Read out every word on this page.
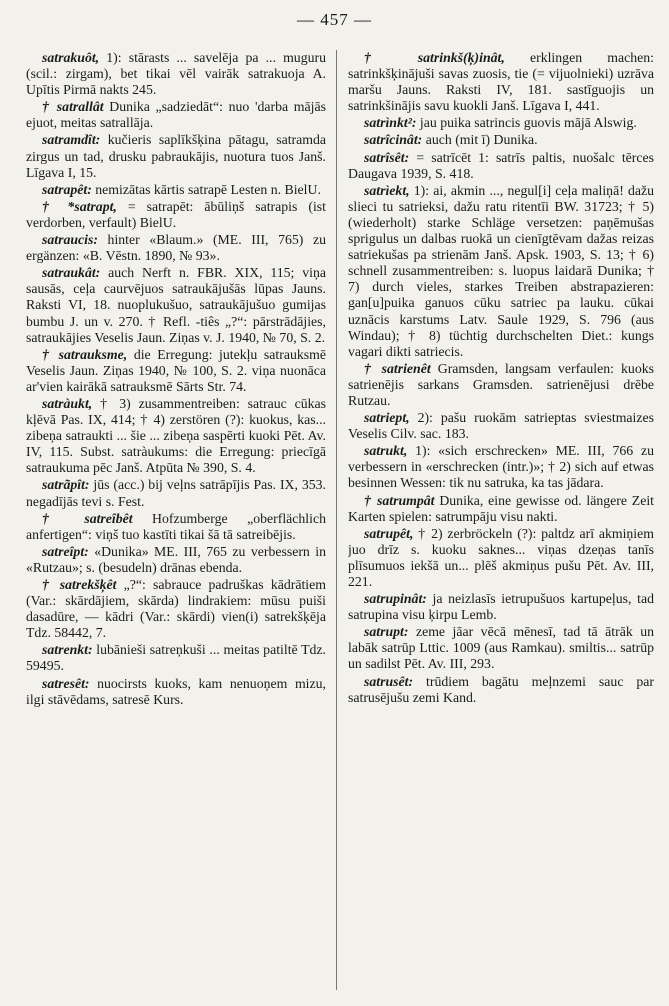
— 457 —

satrakuôt, 1): stārasts ... savelēja pa ... muguru (scil.: zirgam), bet tikai vēl vairāk satrakuoja A. Upītis Pirmā nakts 245.

† satrallât Dunika „sadziedāt“: nuo 'darba mājās ejuot, meitas satrallāja.

satramdît: kučieris saplīkšķina pātagu, satramda zirgus un tad, drusku pabraukājis, nuotura tuos Janš. Līgava I, 15.

satrapêt: nemizātas kārtis satrapē Lesten n. BielU.

† *satrapt, = satrapēt: ābūliņš satrapis (ist verdorben, verfault) BielU.

satraucis: hinter «Blaum.» (ME. III, 765) zu ergänzen: «B. Vēstn. 1890, № 93».

satraukât: auch Nerft n. FBR. XIX, 115; viņa sausās, ceļa caurvējuos satraukājušās lūpas Jauns. Raksti VI, 18. nuoplukušuo, satraukājušuo gumijas bumbu J. un v. 270. † Refl. -tiês „?“: pārstrādājies, satraukājies Veselis Jaun. Ziņas v. J. 1940, № 70, S. 2.

† satrauksme, die Erregung: jutekļu satrauksmē Veselis Jaun. Ziņas 1940, № 100, S. 2. viņa nuonāca ar'vien kairākā satrauksmē Sārts Str. 74.

satràukt, † 3) zusammentreiben: satrauc cūkas kļēvā Pas. IX, 414; † 4) zerstören (?): kuokus, kas... zibeņa satraukti ... šie ... zibeņa saspērti kuoki Pēt. Av. IV, 115. Subst. satràukums: die Erregung: priecīgā satraukuma pēc Janš. Atpūta № 390, S. 4.

satrãpît: jūs (acc.) bij veļns satrāpījis Pas. IX, 353. negadījās tevi s. Fest.

† satreîbêt Hofzumberge „oberflächlich anfertigen“: viņš tuo kastīti tikai šā tā satreibējis.

satreîpt: «Dunika» ME. III, 765 zu verbessern in «Rutzau»; s. (besudeln) drānas ebenda.

† satrekšķêt „?“: sabrauce padruškas kādrātiem (Var.: skārdājiem, skārda) lindrakiem: mūsu puiši dasadūre, — kādri (Var.: skārdi) vien(i) satrekšķēja Tdz. 58442, 7.

satrenkt: lubānieši satreņkuši ... meitas patiltē Tdz. 59495.

satresêt: nuocirsts kuoks, kam nenuoņem mizu, ilgi stāvēdams, satresē Kurs.

† satrinkš(ķ)inât, erklingen machen: satrinkšķinājuši savas zuosis, tie (= vijuolnieki) uzrāva maršu Jauns. Raksti IV, 181. sastīguojis un satrinkšinājis savu kuokli Janš. Līgava I, 441.

satrìnkt²: jau puika satrincis guovis mājā Alswig.

satrîcinât: auch (mit ī) Dunika.

satrîsêt: = satrīcēt 1: satrīs paltis, nuošalc tērces Daugava 1939, S. 418.

satrìekt, 1): ai, akmin ..., negul[i] ceļa maliņā! dažu slieci tu satrieksi, dažu ratu ritentīi BW. 31723; † 5) (wiederholt) starke Schläge versetzen: paņēmušas sprigulus un dalbas ruokā un cienīgtēvam dažas reizas satriekušas pa strienām Janš. Apsk. 1903, S. 13; † 6) schnell zusammentreiben: s. luopus laidarā Dunika; † 7) durch vieles, starkes Treiben abstrapazieren: gan[u]puika ganuos cūku satriec pa lauku. cūkai uznācis karstums Latv. Saule 1929, S. 796 (aus Windau); † 8) tüchtig durchschelten Diet.: kungs vagari dikti satriecis.

† satrienêt Gramsden, langsam verfaulen: kuoks satrienējis sarkans Gramsden. satrienējusi drēbe Rutzau.

satriept, 2): pašu ruokām satrieptas sviestmaizes Veselis Cilv. sac. 183.

satrukt, 1): «sich erschrecken» ME. III, 766 zu verbessern in «erschrecken (intr.)»; † 2) sich auf etwas besinnen Wessen: tik nu satruka, ka tas jādara.

† satrumpât Dunika, eine gewisse od. längere Zeit Karten spielen: satrumpāju visu nakti.

satrupêt, † 2) zerbröckeln (?): paltdz arī akmiņiem juo drīz s. kuoku saknes... viņas dzeņas tanīs plīsumuos iekšā un... plēš akmiņus pušu Pēt. Av. III, 221.

satrupinât: ja neizlasīs ietrupušuos kartupeļus, tad satrupina visu ķirpu Lemb.

satrupt: zeme jāar vēcā mēnesī, tad tā ātrāk un labāk satrūp Lttic. 1009 (aus Ramkau). smiltis... satrūp un sadilst Pēt. Av. III, 293.

satrusêt: trūdiem bagātu meļnzemi sauc par satrusējušu zemi Kand.
